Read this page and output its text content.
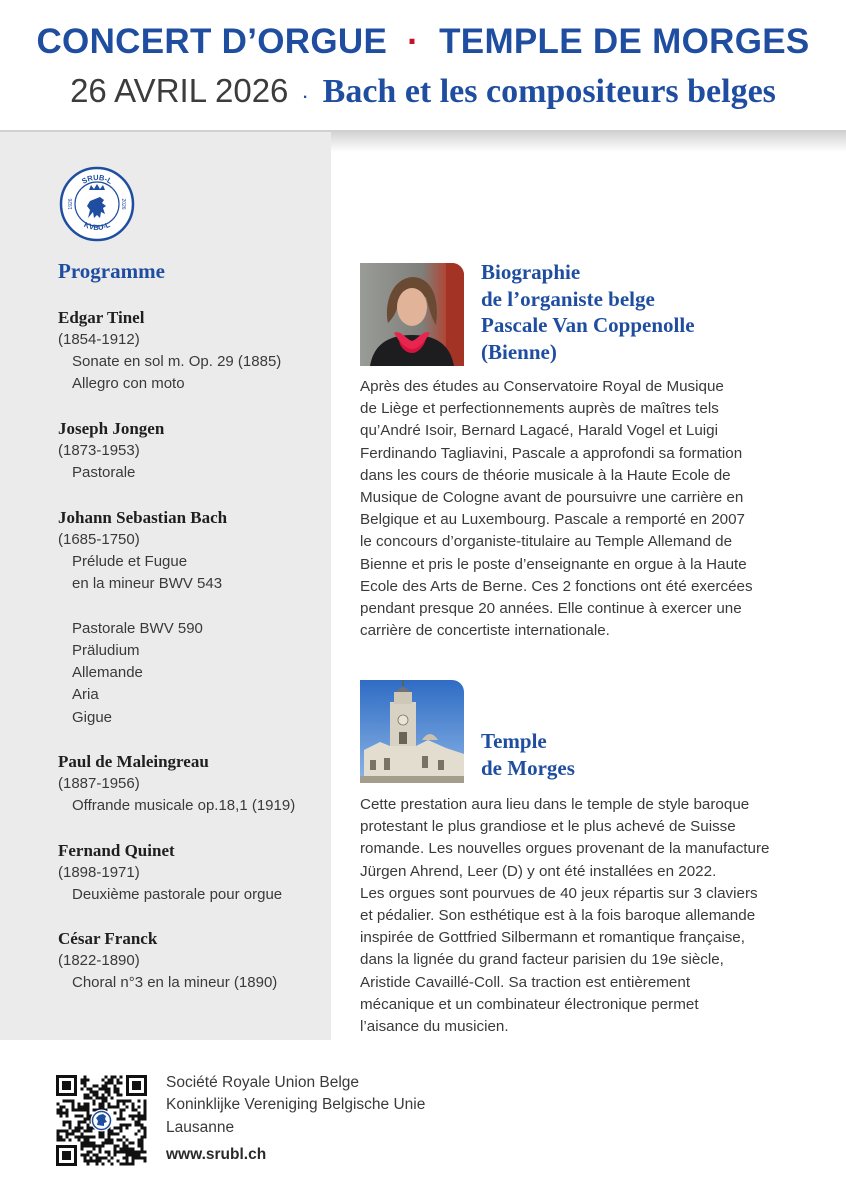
CONCERT D’ORGUE · TEMPLE DE MORGES
26 AVRIL 2026 · Bach et les compositeurs belges
SRUB-L
KVBU-L
1926	2026
Programme
Edgar Tinel
(1854-1912)
Sonate en sol m. Op. 29 (1885)
Allegro con moto
Joseph Jongen
(1873-1953)
Pastorale
Johann Sebastian Bach
(1685-1750)
Prélude et Fugue
en la mineur BWV 543
Pastorale BWV 590
Präludium
Allemande
Aria
Gigue
Paul de Maleingreau
(1887-1956)
Offrande musicale op.18,1 (1919)
Fernand Quinet
(1898-1971)
Deuxième pastorale pour orgue
César Franck
(1822-1890)
Choral n°3 en la mineur (1890)
Biographie
de l’organiste belge
Pascale Van Coppenolle
(Bienne)
Après des études au Conservatoire Royal de Musique
de Liège et perfectionnements auprès de maîtres tels
qu’André Isoir, Bernard Lagacé, Harald Vogel et Luigi
Ferdinando Tagliavini, Pascale a approfondi sa formation
dans les cours de théorie musicale à la Haute Ecole de
Musique de Cologne avant de poursuivre une carrière en
Belgique et au Luxembourg. Pascale a remporté en 2007
le concours d’organiste-titulaire au Temple Allemand de
Bienne et pris le poste d’enseignante en orgue à la Haute
Ecole des Arts de Berne. Ces 2 fonctions ont été exercées
pendant presque 20 années. Elle continue à exercer une
carrière de concertiste internationale.
Temple
de Morges
Cette prestation aura lieu dans le temple de style baroque
protestant le plus grandiose et le plus achevé de Suisse
romande. Les nouvelles orgues provenant de la manufacture
Jürgen Ahrend, Leer (D) y ont été installées en 2022.
Les orgues sont pourvues de 40 jeux répartis sur 3 claviers
et pédalier. Son esthétique est à la fois baroque allemande
inspirée de Gottfried Silbermann et romantique française,
dans la lignée du grand facteur parisien du 19e siècle,
Aristide Cavaillé-Coll. Sa traction est entièrement
mécanique et un combinateur électronique permet
l’aisance du musicien.
Société Royale Union Belge
Koninklijke Vereniging Belgische Unie
Lausanne
www.srubl.ch
